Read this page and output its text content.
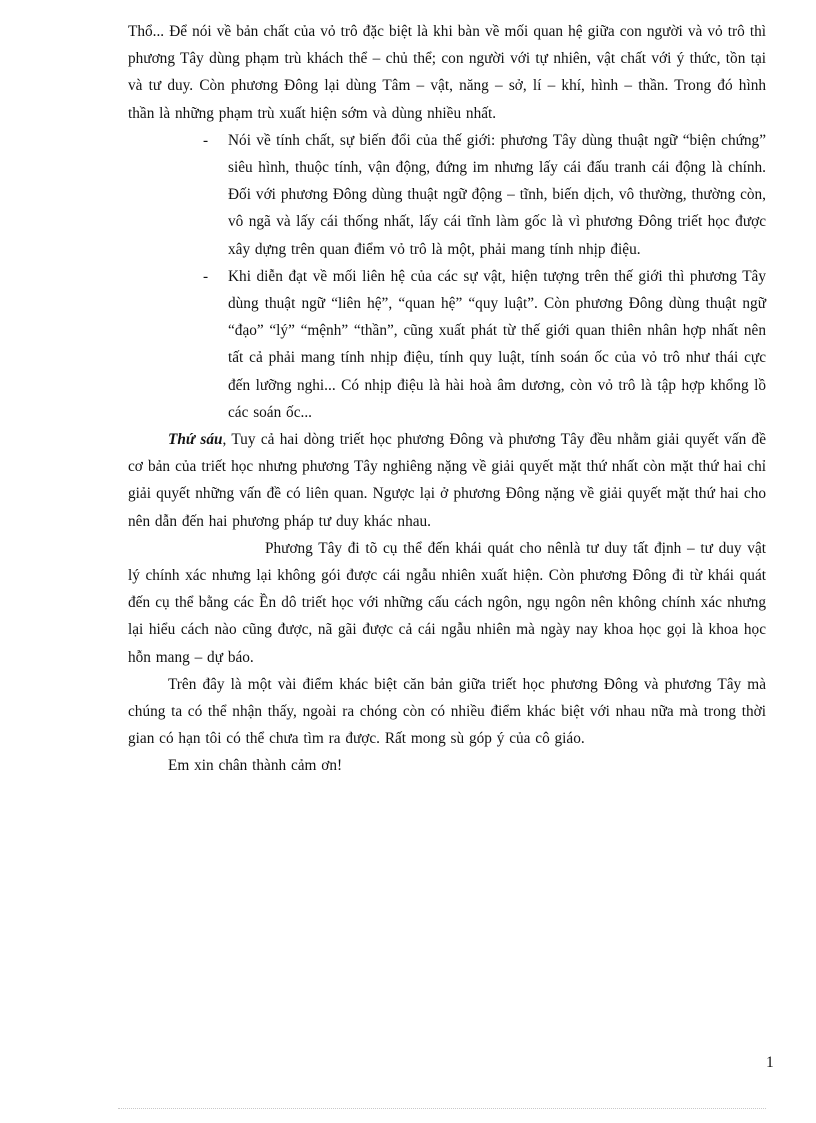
Thổ... Để nói về bản chất của vỏ trô đặc biệt là khi bàn về mối quan hệ giữa con người và vỏ trô thì phương Tây dùng phạm trù khách thể – chủ thể; con người với tự nhiên, vật chất với ý thức, tồn tại và tư duy. Còn phương Đông lại dùng Tâm – vật, năng – sở, lí – khí, hình – thần. Trong đó hình thần là những phạm trù xuất hiện sớm và dùng nhiều nhất.

- Nói về tính chất, sự biến đổi của thế giới: phương Tây dùng thuật ngữ “biện chứng” siêu hình, thuộc tính, vận động, đứng im nhưng lấy cái đấu tranh cái động là chính. Đối với phương Đông dùng thuật ngữ động – tĩnh, biến dịch, vô thường, thường còn, vô ngã và lấy cái thống nhất, lấy cái tĩnh làm gốc là vì phương Đông triết học được xây dựng trên quan điểm vỏ trô là một, phải mang tính nhịp điệu.

- Khi diễn đạt về mối liên hệ của các sự vật, hiện tượng trên thế giới thì phương Tây dùng thuật ngữ “liên hệ”, “quan hệ” “quy luật”. Còn phương Đông dùng thuật ngữ “đạo” “lý” “mệnh” “thần”, cũng xuất phát từ thế giới quan thiên nhân hợp nhất nên tất cả phải mang tính nhịp điệu, tính quy luật, tính soán ốc của vỏ trô như thái cực đến lưỡng nghi... Có nhịp điệu là hài hoà âm dương, còn vỏ trô là tập hợp khổng lồ các soán ốc...

Thứ sáu, Tuy cả hai dòng triết học phương Đông và phương Tây đều nhằm giải quyết vấn đề cơ bản của triết học nhưng phương Tây nghiêng nặng về giải quyết mặt thứ nhất còn mặt thứ hai chỉ giải quyết những vấn đề có liên quan. Ngược lại ở phương Đông nặng về giải quyết mặt thứ hai cho nên dẫn đến hai phương pháp tư duy khác nhau.

Phương Tây đi tõ cụ thể đến khái quát cho nênlà tư duy tất định – tư duy vật lý chính xác nhưng lại không gói được cái ngẫu nhiên xuất hiện. Còn phương Đông đi từ khái quát đến cụ thể bằng các Ền dô triết học với những cấu cách ngôn, ngụ ngôn nên không chính xác nhưng lại hiểu cách nào cũng được, nã gãi được cả cái ngẫu nhiên mà ngày nay khoa học gọi là khoa học hỗn mang – dự báo.

Trên đây là một vài điểm khác biệt căn bản giữa triết học phương Đông và phương Tây mà chúng ta có thể nhận thấy, ngoài ra chóng còn có nhiều điểm khác biệt với nhau nữa mà trong thời gian có hạn tôi có thể chưa tìm ra được. Rất mong sù góp ý của cô giáo.

Em xin chân thành cảm ơn!

1
